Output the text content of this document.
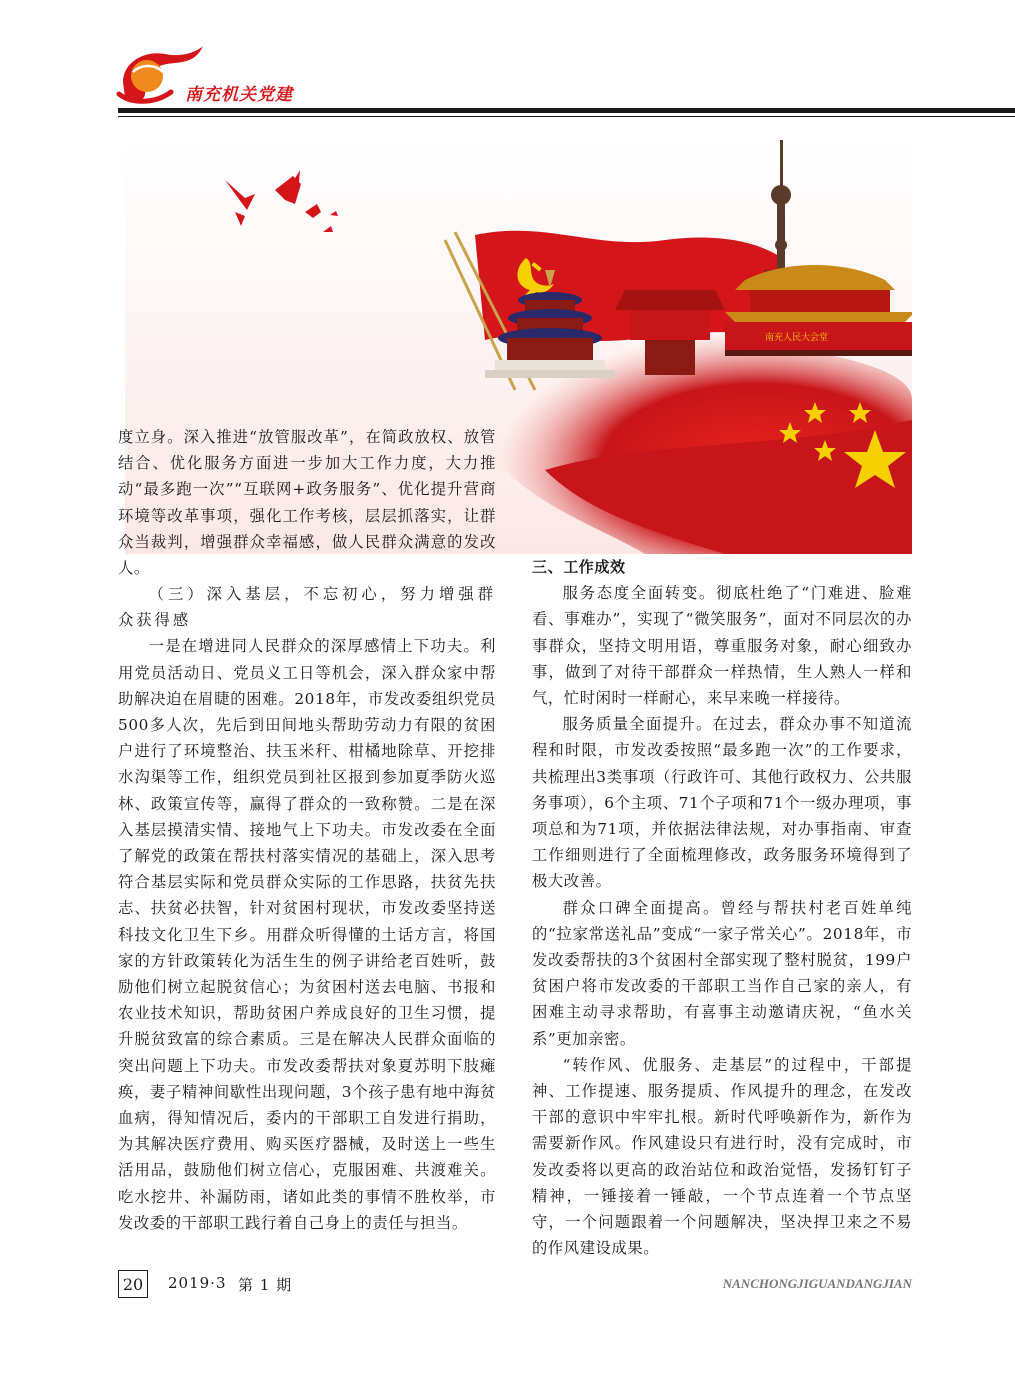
南充机关党建
南充人民大会堂

度立身。深入推进“放管服改革”，在简政放权、放管结合、优化服务方面进一步加大工作力度，大力推动“最多跑一次”“互联网+政务服务”、优化提升营商环境等改革事项，强化工作考核，层层抓落实，让群众当裁判，增强群众幸福感，做人民群众满意的发改人。

（三）深入基层，不忘初心，努力增强群众获得感

一是在增进同人民群众的深厚感情上下功夫。利用党员活动日、党员义工日等机会，深入群众家中帮助解决迫在眉睫的困难。2018年，市发改委组织党员500多人次，先后到田间地头帮助劳动力有限的贫困户进行了环境整治、扶玉米秆、柑橘地除草、开挖排水沟渠等工作，组织党员到社区报到参加夏季防火巡林、政策宣传等，赢得了群众的一致称赞。二是在深入基层摸清实情、接地气上下功夫。市发改委在全面了解党的政策在帮扶村落实情况的基础上，深入思考符合基层实际和党员群众实际的工作思路，扶贫先扶志、扶贫必扶智，针对贫困村现状，市发改委坚持送科技文化卫生下乡。用群众听得懂的土话方言，将国家的方针政策转化为活生生的例子讲给老百姓听，鼓励他们树立起脱贫信心；为贫困村送去电脑、书报和农业技术知识，帮助贫困户养成良好的卫生习惯，提升脱贫致富的综合素质。三是在解决人民群众面临的突出问题上下功夫。市发改委帮扶对象夏苏明下肢瘫痪，妻子精神间歇性出现问题，3个孩子患有地中海贫血病，得知情况后，委内的干部职工自发进行捐助，为其解决医疗费用、购买医疗器械，及时送上一些生活用品，鼓励他们树立信心，克服困难、共渡难关。吃水挖井、补漏防雨，诸如此类的事情不胜枚举，市发改委的干部职工践行着自己身上的责任与担当。

三、工作成效

服务态度全面转变。彻底杜绝了“门难进、脸难看、事难办”，实现了“微笑服务”，面对不同层次的办事群众，坚持文明用语，尊重服务对象，耐心细致办事，做到了对待干部群众一样热情，生人熟人一样和气，忙时闲时一样耐心，来早来晚一样接待。

服务质量全面提升。在过去，群众办事不知道流程和时限，市发改委按照“最多跑一次”的工作要求，共梳理出3类事项（行政许可、其他行政权力、公共服务事项），6个主项、71个子项和71个一级办理项，事项总和为71项，并依据法律法规，对办事指南、审查工作细则进行了全面梳理修改，政务服务环境得到了极大改善。

群众口碑全面提高。曾经与帮扶村老百姓单纯的“拉家常送礼品”变成“一家子常关心”。2018年，市发改委帮扶的3个贫困村全部实现了整村脱贫，199户贫困户将市发改委的干部职工当作自己家的亲人，有困难主动寻求帮助，有喜事主动邀请庆祝，“鱼水关系”更加亲密。

“转作风、优服务、走基层”的过程中，干部提神、工作提速、服务提质、作风提升的理念，在发改干部的意识中牢牢扎根。新时代呼唤新作为，新作为需要新作风。作风建设只有进行时，没有完成时，市发改委将以更高的政治站位和政治觉悟，发扬钉钉子精神，一锤接着一锤敲，一个节点连着一个节点坚守，一个问题跟着一个问题解决，坚决捍卫来之不易的作风建设成果。

20	2019·3 第 1 期	NANCHONGJIGUANDANGJIAN
